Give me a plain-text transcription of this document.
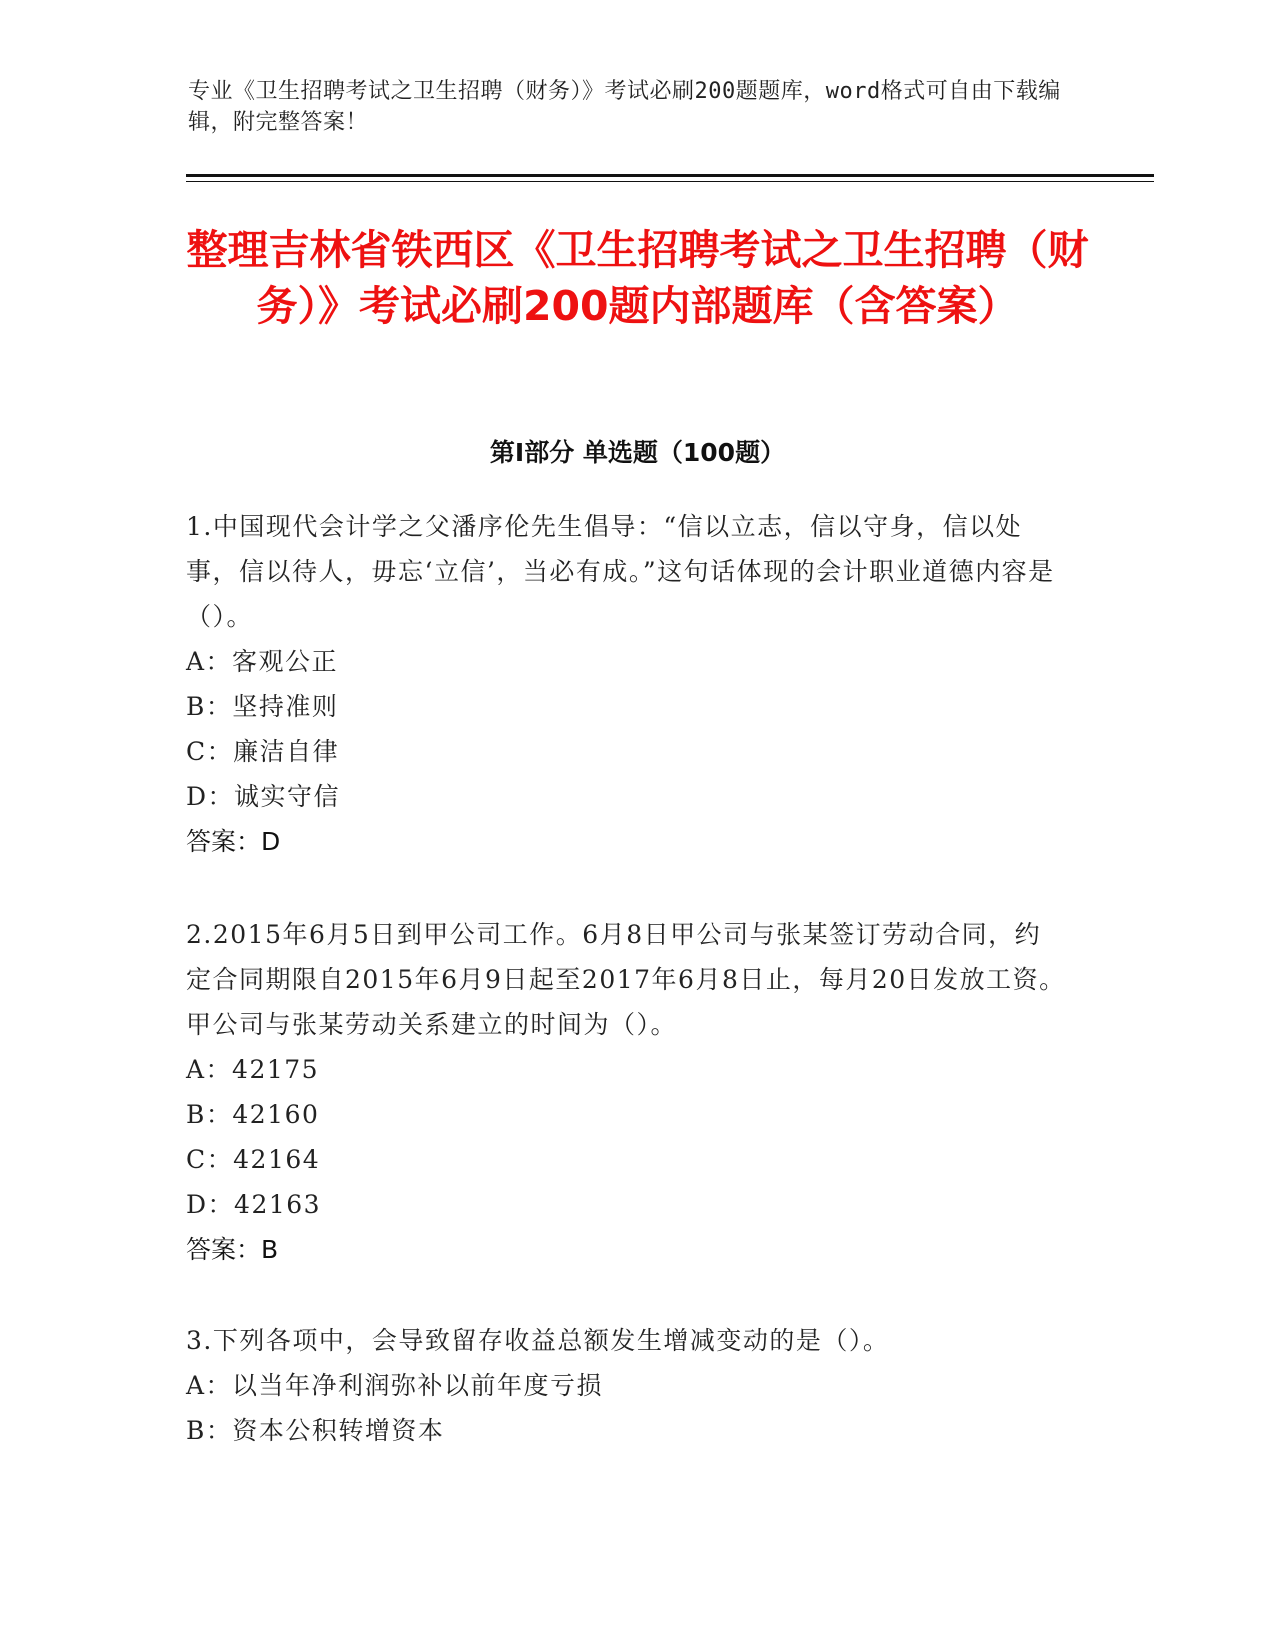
专业《卫生招聘考试之卫生招聘（财务）》考试必刷200题题库，word格式可自由下载编辑，附完整答案！
整理吉林省铁西区《卫生招聘考试之卫生招聘（财务）》考试必刷200题内部题库（含答案）
第Ⅰ部分 单选题（100题）
1.中国现代会计学之父潘序伦先生倡导：“信以立志，信以守身，信以处事，信以待人，毋忘‘立信’，当必有成。”这句话体现的会计职业道德内容是（）。
A：客观公正
B：坚持准则
C：廉洁自律
D：诚实守信
答案：D
2.2015年6月5日到甲公司工作。6月8日甲公司与张某签订劳动合同，约定合同期限自2015年6月9日起至2017年6月8日止，每月20日发放工资。甲公司与张某劳动关系建立的时间为（）。
A：42175
B：42160
C：42164
D：42163
答案：B
3.下列各项中，会导致留存收益总额发生增减变动的是（）。
A：以当年净利润弥补以前年度亏损
B：资本公积转增资本
